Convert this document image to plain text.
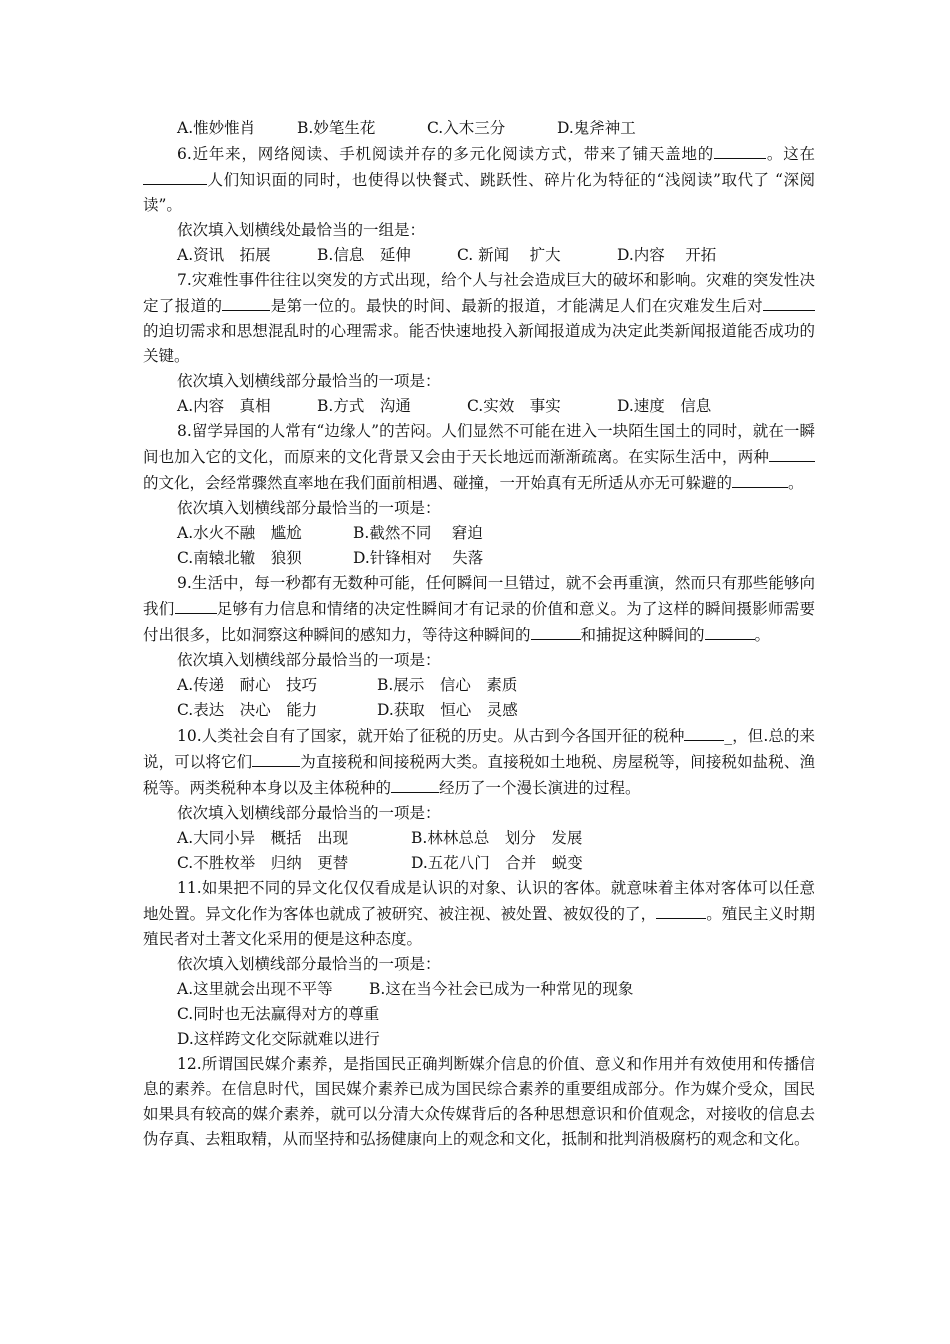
A.惟妙惟肖	B.妙笔生花	C.入木三分	D.鬼斧神工
6.近年来，网络阅读、手机阅读并存的多元化阅读方式，带来了铺天盖地的	。这在人们知识面的同时，也使得以快餐式、跳跃性、碎片化为特征的“浅阅读”取代了 “深阅读”。
依次填入划横线处最恰当的一组是：
A.资讯　拓展	B.信息　延伸	C. 新闻　 扩大	D.内容　 开拓
7.灾难性事件往往以突发的方式出现，给个人与社会造成巨大的破坏和影响。灾难的突发性决定了报道的	是第一位的。最快的时间、最新的报道，才能满足人们在灾难发生后对的迫切需求和思想混乱时的心理需求。能否快速地投入新闻报道成为决定此类新闻报道能否成功的关键。
依次填入划横线部分最恰当的一项是：
A.内容　真相	B.方式　沟通	C.实效　事实	D.速度　信息
8.留学异国的人常有“边缘人”的苦闷。人们显然不可能在进入一块陌生国土的同时，就在一瞬间也加入它的文化，而原来的文化背景又会由于天长地远而渐渐疏离。在实际生活中，两种的文化，会经常骤然直率地在我们面前相遇、碰撞，一开始真有无所适从亦无可躲避的	。
依次填入划横线部分最恰当的一项是：
A.水火不融　尴尬	B.截然不同　 窘迫
C.南辕北辙　狼狈	D.针锋相对　 失落
9.生活中，每一秒都有无数种可能，任何瞬间一旦错过，就不会再重演，然而只有那些能够向我们	足够有力信息和情绪的决定性瞬间才有记录的价值和意义。为了这样的瞬间摄影师需要付出很多，比如洞察这种瞬间的感知力，等待这种瞬间的	和捕捉这种瞬间的	。
依次填入划横线部分最恰当的一项是：
A.传递　耐心　技巧	B.展示　信心　素质
C.表达　决心　能力	D.获取　恒心　灵感
10.人类社会自有了国家，就开始了征税的历史。从古到今各国开征的税种	_，但.总的来说，可以将它们	为直接税和间接税两大类。直接税如土地税、房屋税等，间接税如盐税、渔税等。两类税种本身以及主体税种的	经历了一个漫长演进的过程。
依次填入划横线部分最恰当的一项是：
A.大同小异　概括　出现	B.林林总总　划分　发展
C.不胜枚举　归纳　更替	D.五花八门　合并　蜕变
11.如果把不同的异文化仅仅看成是认识的对象、认识的客体。就意味着主体对客体可以任意地处置。异文化作为客体也就成了被研究、被注视、被处置、被奴役的了，	。殖民主义时期殖民者对土著文化采用的便是这种态度。
依次填入划横线部分最恰当的一项是：
A.这里就会出现不平等 B.这在当今社会已成为一种常见的现象
C.同时也无法赢得对方的尊重
D.这样跨文化交际就难以进行
12.所谓国民媒介素养，是指国民正确判断媒介信息的价值、意义和作用并有效使用和传播信息的素养。在信息时代，国民媒介素养已成为国民综合素养的重要组成部分。作为媒介受众，国民如果具有较高的媒介素养，就可以分清大众传媒背后的各种思想意识和价值观念，对接收的信息去伪存真、去粗取精，从而坚持和弘扬健康向上的观念和文化，抵制和批判消极腐朽的观念和文化。
